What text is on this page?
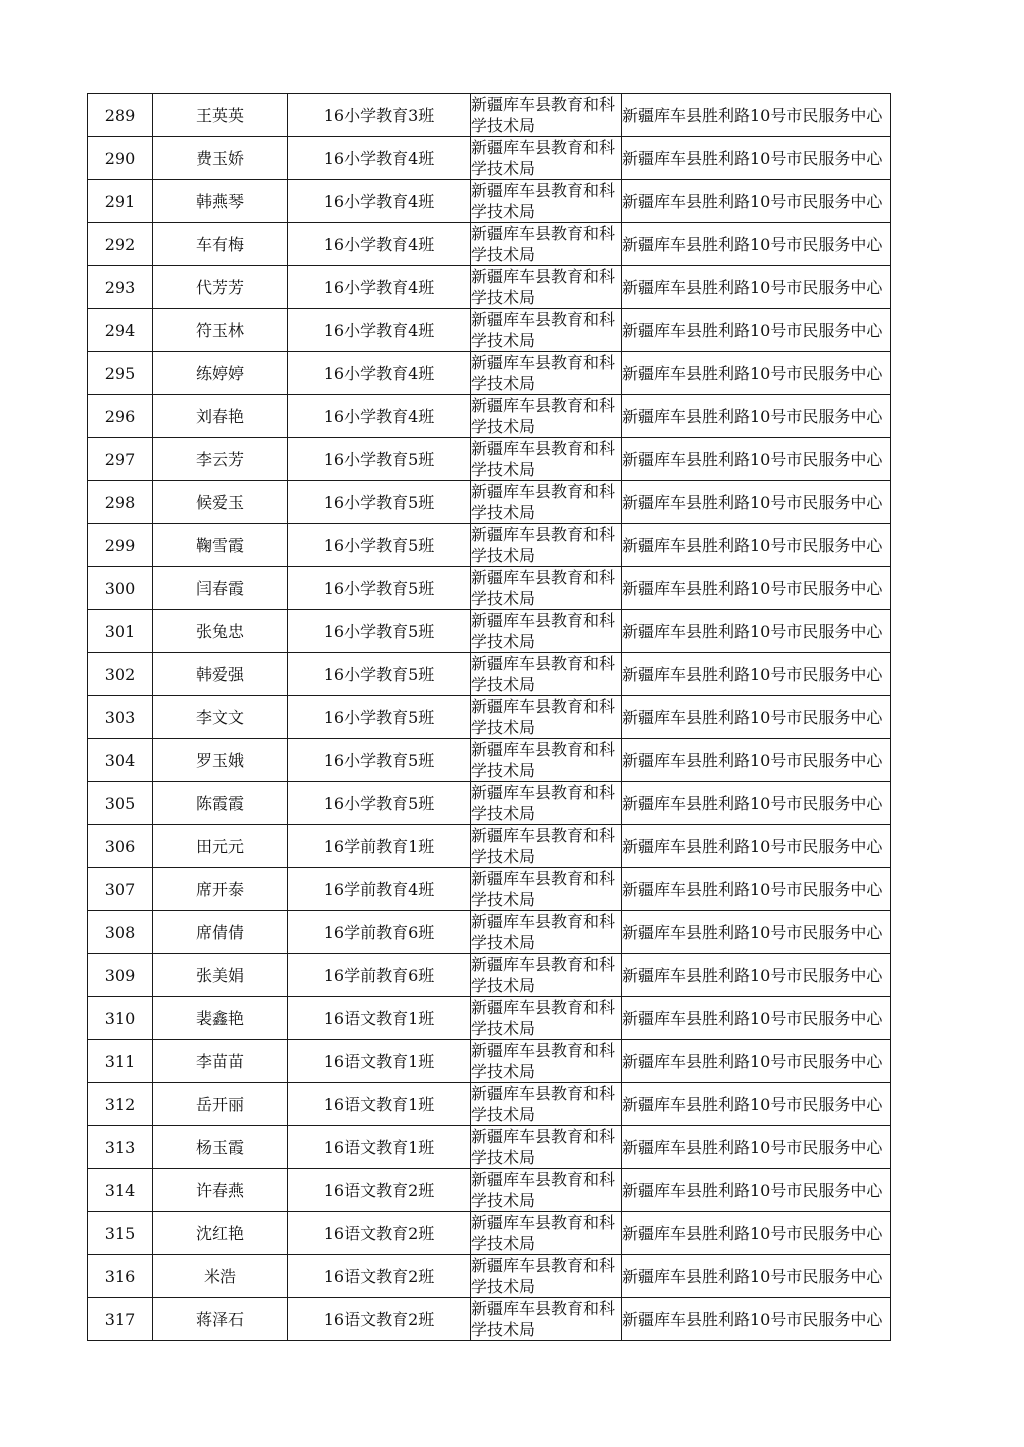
289	王英英	16小学教育3班	新疆库车县教育和科学技术局	新疆库车县胜利路10号市民服务中心

290	费玉娇	16小学教育4班	新疆库车县教育和科学技术局	新疆库车县胜利路10号市民服务中心

291	韩燕琴	16小学教育4班	新疆库车县教育和科学技术局	新疆库车县胜利路10号市民服务中心

292	车有梅	16小学教育4班	新疆库车县教育和科学技术局	新疆库车县胜利路10号市民服务中心

293	代芳芳	16小学教育4班	新疆库车县教育和科学技术局	新疆库车县胜利路10号市民服务中心

294	符玉林	16小学教育4班	新疆库车县教育和科学技术局	新疆库车县胜利路10号市民服务中心

295	练婷婷	16小学教育4班	新疆库车县教育和科学技术局	新疆库车县胜利路10号市民服务中心

296	刘春艳	16小学教育4班	新疆库车县教育和科学技术局	新疆库车县胜利路10号市民服务中心

297	李云芳	16小学教育5班	新疆库车县教育和科学技术局	新疆库车县胜利路10号市民服务中心

298	候爱玉	16小学教育5班	新疆库车县教育和科学技术局	新疆库车县胜利路10号市民服务中心

299	鞠雪霞	16小学教育5班	新疆库车县教育和科学技术局	新疆库车县胜利路10号市民服务中心

300	闫春霞	16小学教育5班	新疆库车县教育和科学技术局	新疆库车县胜利路10号市民服务中心

301	张兔忠	16小学教育5班	新疆库车县教育和科学技术局	新疆库车县胜利路10号市民服务中心

302	韩爱强	16小学教育5班	新疆库车县教育和科学技术局	新疆库车县胜利路10号市民服务中心

303	李文文	16小学教育5班	新疆库车县教育和科学技术局	新疆库车县胜利路10号市民服务中心

304	罗玉娥	16小学教育5班	新疆库车县教育和科学技术局	新疆库车县胜利路10号市民服务中心

305	陈霞霞	16小学教育5班	新疆库车县教育和科学技术局	新疆库车县胜利路10号市民服务中心

306	田元元	16学前教育1班	新疆库车县教育和科学技术局	新疆库车县胜利路10号市民服务中心

307	席开泰	16学前教育4班	新疆库车县教育和科学技术局	新疆库车县胜利路10号市民服务中心

308	席倩倩	16学前教育6班	新疆库车县教育和科学技术局	新疆库车县胜利路10号市民服务中心

309	张美娟	16学前教育6班	新疆库车县教育和科学技术局	新疆库车县胜利路10号市民服务中心

310	裴鑫艳	16语文教育1班	新疆库车县教育和科学技术局	新疆库车县胜利路10号市民服务中心

311	李苗苗	16语文教育1班	新疆库车县教育和科学技术局	新疆库车县胜利路10号市民服务中心

312	岳开丽	16语文教育1班	新疆库车县教育和科学技术局	新疆库车县胜利路10号市民服务中心

313	杨玉霞	16语文教育1班	新疆库车县教育和科学技术局	新疆库车县胜利路10号市民服务中心

314	许春燕	16语文教育2班	新疆库车县教育和科学技术局	新疆库车县胜利路10号市民服务中心

315	沈红艳	16语文教育2班	新疆库车县教育和科学技术局	新疆库车县胜利路10号市民服务中心

316	米浩	16语文教育2班	新疆库车县教育和科学技术局	新疆库车县胜利路10号市民服务中心

317	蒋泽石	16语文教育2班	新疆库车县教育和科学技术局	新疆库车县胜利路10号市民服务中心
